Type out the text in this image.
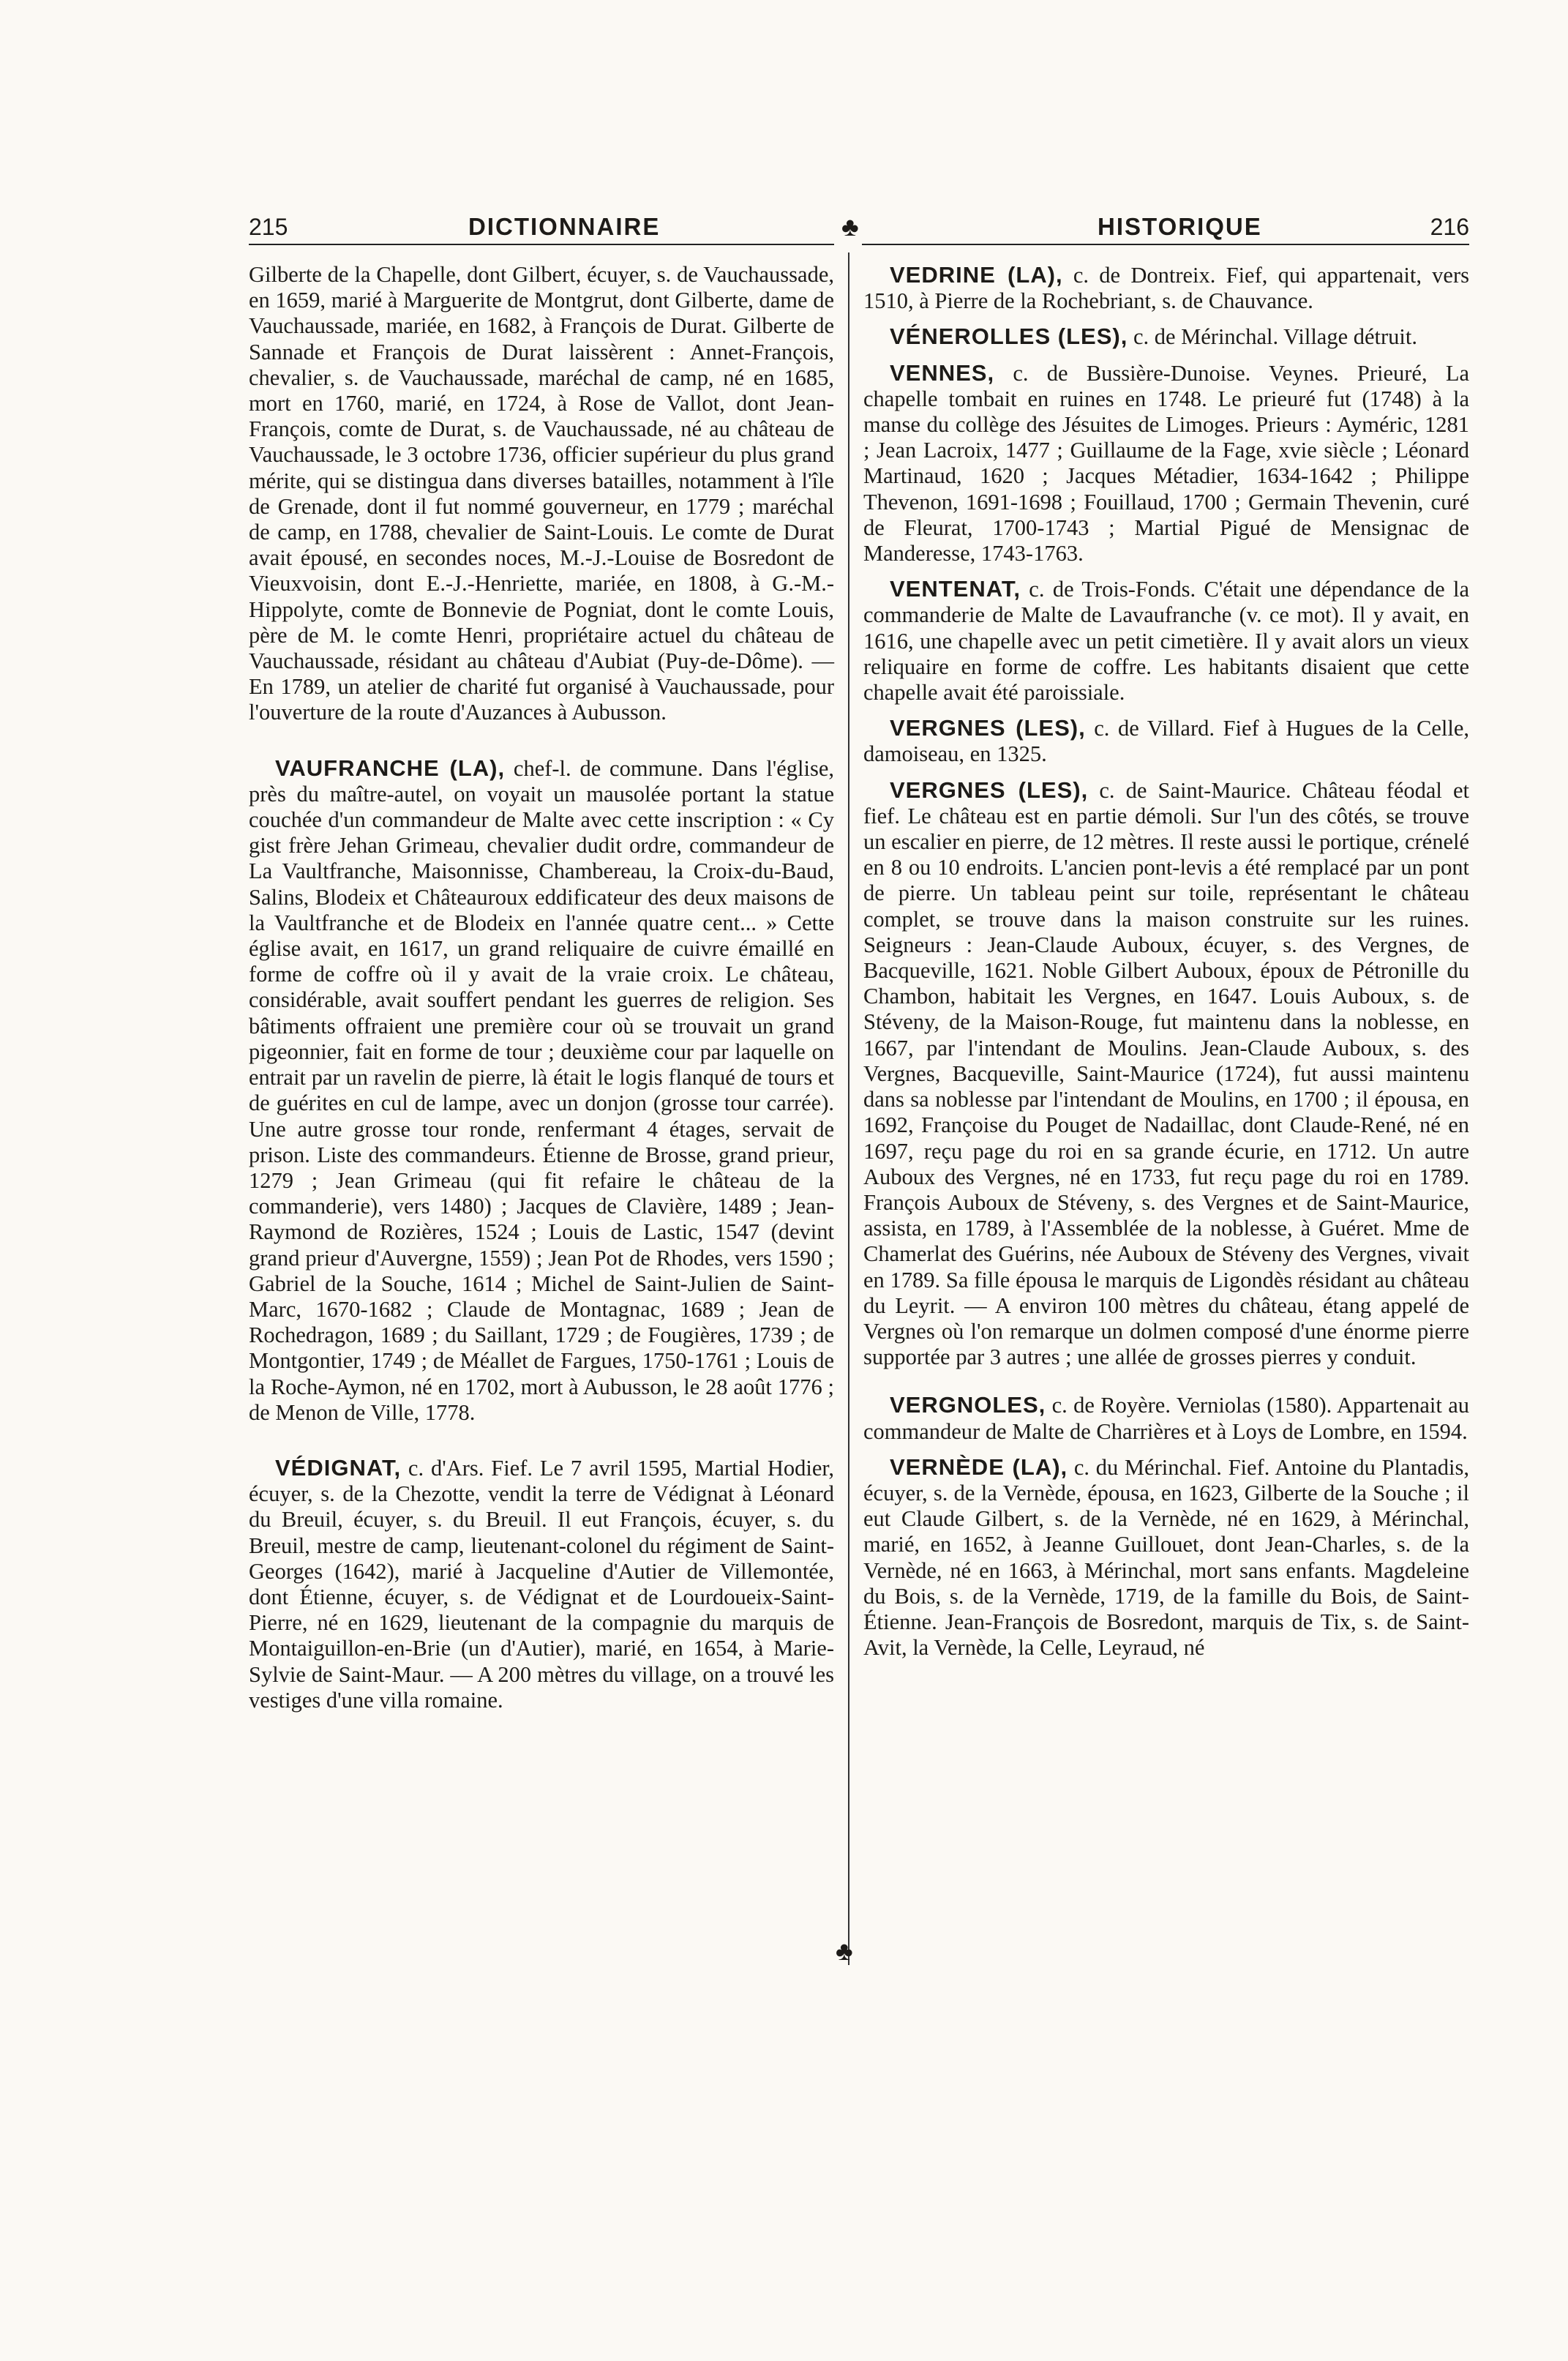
215	DICTIONNAIRE	♣	HISTORIQUE	216
♣

Gilberte de la Chapelle, dont Gilbert, écuyer, s. de Vauchaussade, en 1659, marié à Marguerite de Montgrut, dont Gilberte, dame de Vauchaussade, mariée, en 1682, à François de Durat. Gilberte de Sannade et François de Durat laissèrent : Annet-François, chevalier, s. de Vauchaussade, maréchal de camp, né en 1685, mort en 1760, marié, en 1724, à Rose de Vallot, dont Jean-François, comte de Durat, s. de Vauchaussade, né au château de Vauchaussade, le 3 octobre 1736, officier supérieur du plus grand mérite, qui se distingua dans diverses batailles, notamment à l'île de Grenade, dont il fut nommé gouverneur, en 1779 ; maréchal de camp, en 1788, chevalier de Saint-Louis. Le comte de Durat avait épousé, en secondes noces, M.-J.-Louise de Bosredont de Vieuxvoisin, dont E.-J.-Henriette, mariée, en 1808, à G.-M.-Hippolyte, comte de Bonnevie de Pogniat, dont le comte Louis, père de M. le comte Henri, propriétaire actuel du château de Vauchaussade, résidant au château d'Aubiat (Puy-de-Dôme). — En 1789, un atelier de charité fut organisé à Vauchaussade, pour l'ouverture de la route d'Auzances à Aubusson.

VAUFRANCHE (LA), chef-l. de commune. Dans l'église, près du maître-autel, on voyait un mausolée portant la statue couchée d'un commandeur de Malte avec cette inscription : « Cy gist frère Jehan Grimeau, chevalier dudit ordre, commandeur de La Vaultfranche, Maisonnisse, Chambereau, la Croix-du-Baud, Salins, Blodeix et Châteauroux eddificateur des deux maisons de la Vaultfranche et de Blodeix en l'année quatre cent... » Cette église avait, en 1617, un grand reliquaire de cuivre émaillé en forme de coffre où il y avait de la vraie croix. Le château, considérable, avait souffert pendant les guerres de religion. Ses bâtiments offraient une première cour où se trouvait un grand pigeonnier, fait en forme de tour ; deuxième cour par laquelle on entrait par un ravelin de pierre, là était le logis flanqué de tours et de guérites en cul de lampe, avec un donjon (grosse tour carrée). Une autre grosse tour ronde, renfermant 4 étages, servait de prison. Liste des commandeurs. Étienne de Brosse, grand prieur, 1279 ; Jean Grimeau (qui fit refaire le château de la commanderie), vers 1480) ; Jacques de Clavière, 1489 ; Jean-Raymond de Rozières, 1524 ; Louis de Lastic, 1547 (devint grand prieur d'Auvergne, 1559) ; Jean Pot de Rhodes, vers 1590 ; Gabriel de la Souche, 1614 ; Michel de Saint-Julien de Saint-Marc, 1670-1682 ; Claude de Montagnac, 1689 ; Jean de Rochedragon, 1689 ; du Saillant, 1729 ; de Fougières, 1739 ; de Montgontier, 1749 ; de Méallet de Fargues, 1750-1761 ; Louis de la Roche-Aymon, né en 1702, mort à Aubusson, le 28 août 1776 ; de Menon de Ville, 1778.

VÉDIGNAT, c. d'Ars. Fief. Le 7 avril 1595, Martial Hodier, écuyer, s. de la Chezotte, vendit la terre de Védignat à Léonard du Breuil, écuyer, s. du Breuil. Il eut François, écuyer, s. du Breuil, mestre de camp, lieutenant-colonel du régiment de Saint-Georges (1642), marié à Jacqueline d'Autier de Villemontée, dont Étienne, écuyer, s. de Védignat et de Lourdoueix-Saint-Pierre, né en 1629, lieutenant de la compagnie du marquis de Montaiguillon-en-Brie (un d'Autier), marié, en 1654, à Marie-Sylvie de Saint-Maur. — A 200 mètres du village, on a trouvé les vestiges d'une villa romaine.

VEDRINE (LA), c. de Dontreix. Fief, qui appartenait, vers 1510, à Pierre de la Rochebriant, s. de Chauvance.

VÉNEROLLES (LES), c. de Mérinchal. Village détruit.

VENNES, c. de Bussière-Dunoise. Veynes. Prieuré, La chapelle tombait en ruines en 1748. Le prieuré fut (1748) à la manse du collège des Jésuites de Limoges. Prieurs : Ayméric, 1281 ; Jean Lacroix, 1477 ; Guillaume de la Fage, xvie siècle ; Léonard Martinaud, 1620 ; Jacques Métadier, 1634-1642 ; Philippe Thevenon, 1691-1698 ; Fouillaud, 1700 ; Germain Thevenin, curé de Fleurat, 1700-1743 ; Martial Pigué de Mensignac de Manderesse, 1743-1763.

VENTENAT, c. de Trois-Fonds. C'était une dépendance de la commanderie de Malte de Lavaufranche (v. ce mot). Il y avait, en 1616, une chapelle avec un petit cimetière. Il y avait alors un vieux reliquaire en forme de coffre. Les habitants disaient que cette chapelle avait été paroissiale.

VERGNES (LES), c. de Villard. Fief à Hugues de la Celle, damoiseau, en 1325.

VERGNES (LES), c. de Saint-Maurice. Château féodal et fief. Le château est en partie démoli. Sur l'un des côtés, se trouve un escalier en pierre, de 12 mètres. Il reste aussi le portique, crénelé en 8 ou 10 endroits. L'ancien pont-levis a été remplacé par un pont de pierre. Un tableau peint sur toile, représentant le château complet, se trouve dans la maison construite sur les ruines. Seigneurs : Jean-Claude Auboux, écuyer, s. des Vergnes, de Bacqueville, 1621. Noble Gilbert Auboux, époux de Pétronille du Chambon, habitait les Vergnes, en 1647. Louis Auboux, s. de Stéveny, de la Maison-Rouge, fut maintenu dans la noblesse, en 1667, par l'intendant de Moulins. Jean-Claude Auboux, s. des Vergnes, Bacqueville, Saint-Maurice (1724), fut aussi maintenu dans sa noblesse par l'intendant de Moulins, en 1700 ; il épousa, en 1692, Françoise du Pouget de Nadaillac, dont Claude-René, né en 1697, reçu page du roi en sa grande écurie, en 1712. Un autre Auboux des Vergnes, né en 1733, fut reçu page du roi en 1789. François Auboux de Stéveny, s. des Vergnes et de Saint-Maurice, assista, en 1789, à l'Assemblée de la noblesse, à Guéret. Mme de Chamerlat des Guérins, née Auboux de Stéveny des Vergnes, vivait en 1789. Sa fille épousa le marquis de Ligondès résidant au château du Leyrit. — A environ 100 mètres du château, étang appelé de Vergnes où l'on remarque un dolmen composé d'une énorme pierre supportée par 3 autres ; une allée de grosses pierres y conduit.

VERGNOLES, c. de Royère. Verniolas (1580). Appartenait au commandeur de Malte de Charrières et à Loys de Lombre, en 1594.

VERNÈDE (LA), c. du Mérinchal. Fief. Antoine du Plantadis, écuyer, s. de la Vernède, épousa, en 1623, Gilberte de la Souche ; il eut Claude Gilbert, s. de la Vernède, né en 1629, à Mérinchal, marié, en 1652, à Jeanne Guillouet, dont Jean-Charles, s. de la Vernède, né en 1663, à Mérinchal, mort sans enfants. Magdeleine du Bois, s. de la Vernède, 1719, de la famille du Bois, de Saint-Étienne. Jean-François de Bosredont, marquis de Tix, s. de Saint-Avit, la Vernède, la Celle, Leyraud, né
